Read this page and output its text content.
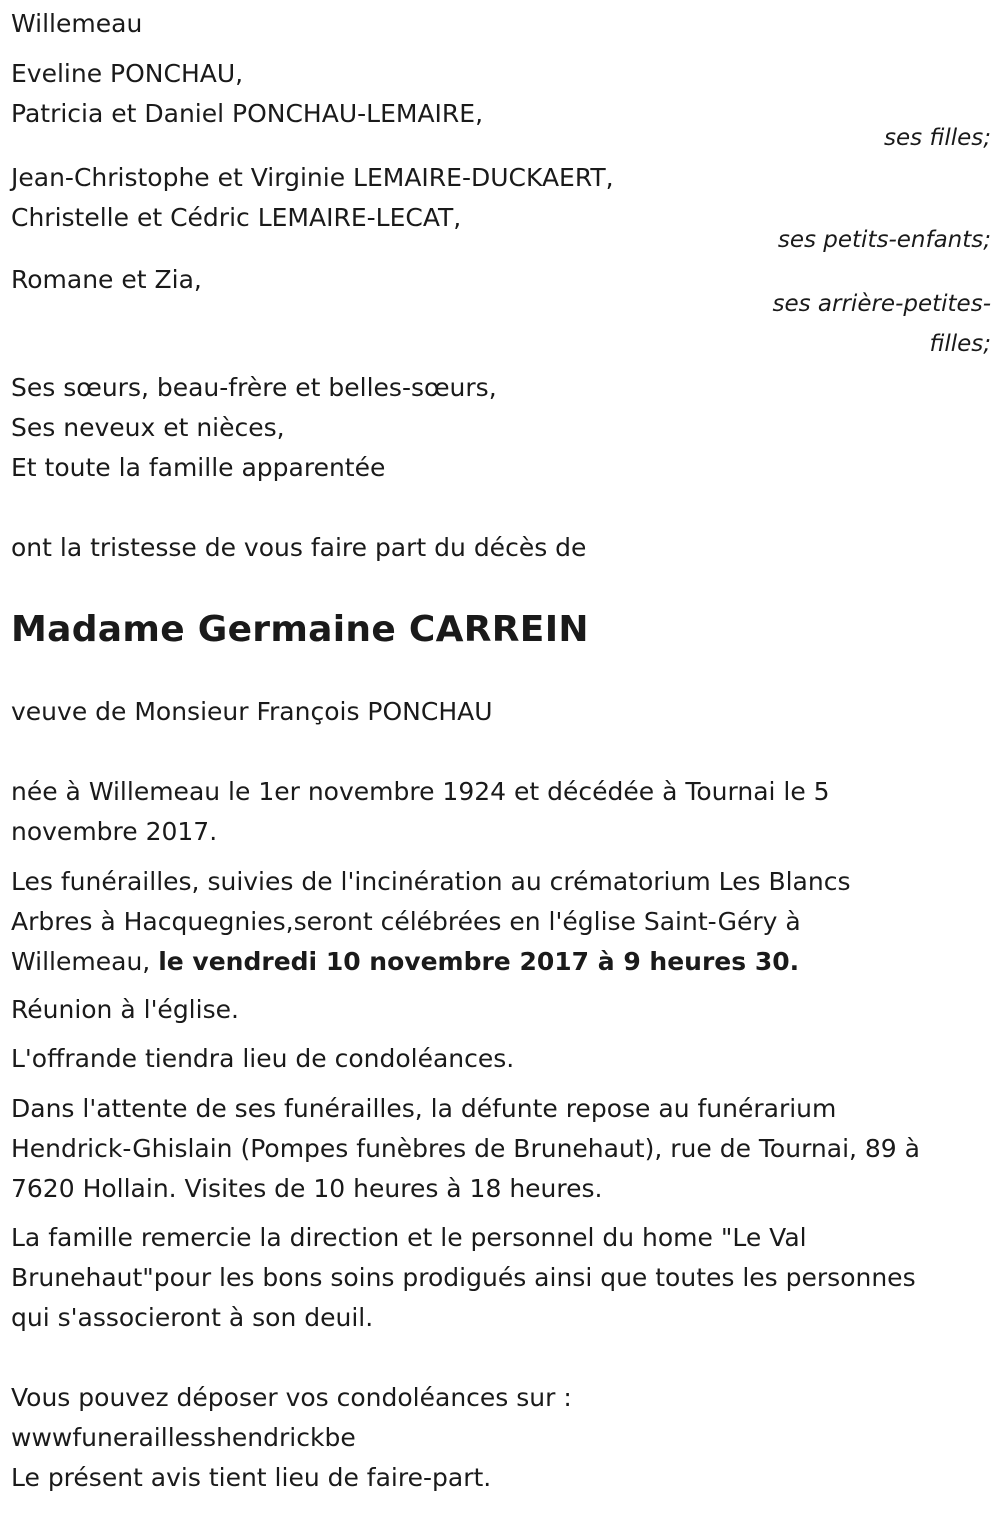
Willemeau
Eveline PONCHAU,
Patricia et Daniel PONCHAU-LEMAIRE,
ses filles;
Jean-Christophe et Virginie LEMAIRE-DUCKAERT,
Christelle et Cédric LEMAIRE-LECAT,
ses petits-enfants;
Romane et Zia,
ses arrière-petites-
filles;
Ses sœurs, beau-frère et belles-sœurs,
Ses neveux et nièces,
Et toute la famille apparentée
ont la tristesse de vous faire part du décès de
Madame Germaine CARREIN
veuve de Monsieur François PONCHAU
née à Willemeau le 1er novembre 1924 et décédée à Tournai le 5
novembre 2017.
Les funérailles, suivies de l'incinération au crématorium Les Blancs
Arbres à Hacquegnies,seront célébrées en l'église Saint-Géry à
Willemeau, le vendredi 10 novembre 2017 à 9 heures 30.
Réunion à l'église.
L'offrande tiendra lieu de condoléances.
Dans l'attente de ses funérailles, la défunte repose au funérarium
Hendrick-Ghislain (Pompes funèbres de Brunehaut), rue de Tournai, 89 à
7620 Hollain. Visites de 10 heures à 18 heures.
La famille remercie la direction et le personnel du home "Le Val
Brunehaut"pour les bons soins prodigués ainsi que toutes les personnes
qui s'associeront à son deuil.
Vous pouvez déposer vos condoléances sur :
wwwfuneraillesshendrickbe
Le présent avis tient lieu de faire-part.
